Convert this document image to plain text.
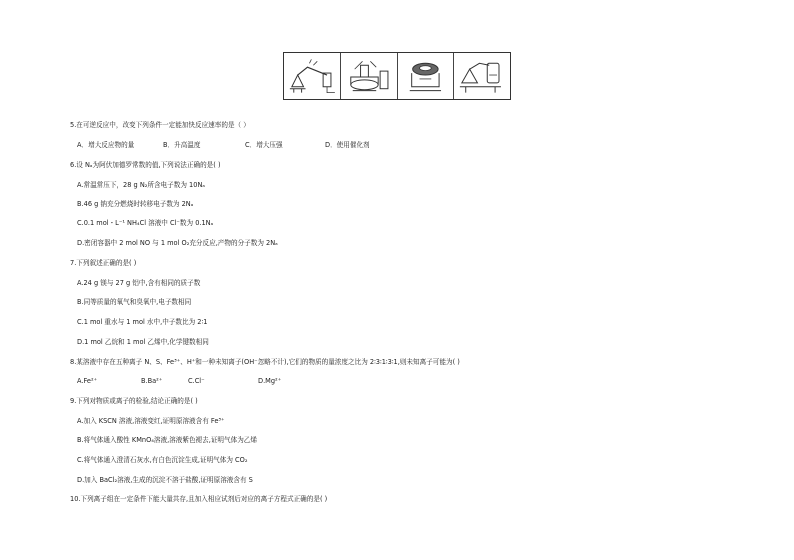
5.在可逆反应中，改变下列条件一定能加快反应速率的是（ ）
A．增大反应物的量	B．升高温度	C．增大压强	D．使用催化剂
6.设 Nₐ为阿伏加德罗常数的值,下列说法正确的是( )
A.常温常压下，28 g N₂所含电子数为 10Nₐ
B.46 g 钠充分燃烧时转移电子数为 2Nₐ
C.0.1 mol・L⁻¹ NH₄Cl 溶液中 Cl⁻数为 0.1Nₐ
D.密闭容器中 2 mol NO 与 1 mol O₂充分反应,产物的分子数为 2Nₐ
7.下列叙述正确的是( )
A.24 g 镁与 27 g 铝中,含有相同的质子数
B.同等质量的氧气和臭氧中,电子数相同
C.1 mol 重水与 1 mol 水中,中子数比为 2∶1
D.1 mol 乙烷和 1 mol 乙烯中,化学键数相同
8.某溶液中存在五种离子 N、S、Fe³⁺、H⁺和一种未知离子(OH⁻忽略不计),它们的物质的量浓度之比为 2∶3∶1∶3∶1,则未知离子可能为( )
A.Fe²⁺	B.Ba²⁺	C.Cl⁻	D.Mg²⁺
9.下列对物质或离子的检验,结论正确的是( )
A.加入 KSCN 溶液,溶液变红,证明原溶液含有 Fe³⁺
B.将气体通入酸性 KMnO₄溶液,溶液紫色褪去,证明气体为乙烯
C.将气体通入澄清石灰水,有白色沉淀生成,证明气体为 CO₂
D.加入 BaCl₂溶液,生成的沉淀不溶于盐酸,证明原溶液含有 S
10.下列离子组在一定条件下能大量共存,且加入相应试剂后对应的离子方程式正确的是( )
